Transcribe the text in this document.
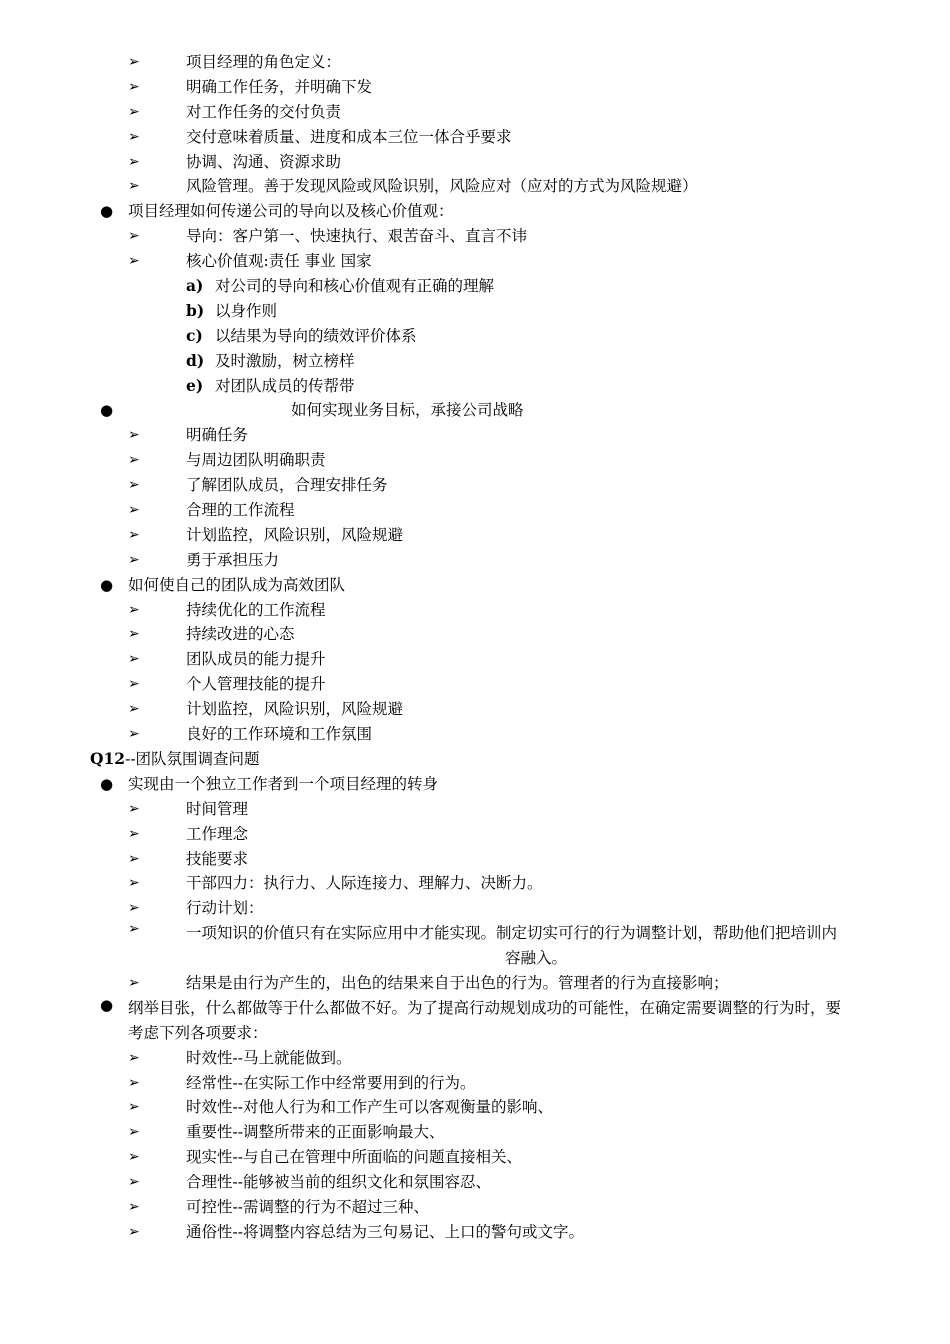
➢	项目经理的角色定义：
➢	明确工作任务，并明确下发
➢	对工作任务的交付负责
➢	交付意味着质量、进度和成本三位一体合乎要求
➢	协调、沟通、资源求助
➢	风险管理。善于发现风险或风险识别，风险应对（应对的方式为风险规避）
● 项目经理如何传递公司的导向以及核心价值观：
➢	导向：客户第一、快速执行、艰苦奋斗、直言不讳
➢	核心价值观:责任 事业 国家
a) 对公司的导向和核心价值观有正确的理解
b) 以身作则
c) 以结果为导向的绩效评价体系
d) 及时激励，树立榜样
e) 对团队成员的传帮带
●	如何实现业务目标，承接公司战略
➢	明确任务
➢	与周边团队明确职责
➢	了解团队成员，合理安排任务
➢	合理的工作流程
➢	计划监控，风险识别，风险规避
➢	勇于承担压力
● 如何使自己的团队成为高效团队
➢	持续优化的工作流程
➢	持续改进的心态
➢	团队成员的能力提升
➢	个人管理技能的提升
➢	计划监控，风险识别，风险规避
➢	良好的工作环境和工作氛围
Q12--团队氛围调查问题
● 实现由一个独立工作者到一个项目经理的转身
➢	时间管理
➢	工作理念
➢	技能要求
➢	干部四力：执行力、人际连接力、理解力、决断力。
➢	行动计划：
➢	一项知识的价值只有在实际应用中才能实现。制定切实可行的行为调整计划，帮助他们把培训内
容融入。
➢	结果是由行为产生的，出色的结果来自于出色的行为。管理者的行为直接影响；
● 纲举目张，什么都做等于什么都做不好。为了提高行动规划成功的可能性，在确定需要调整的行为时，要
考虑下列各项要求：
➢	时效性--马上就能做到。
➢	经常性--在实际工作中经常要用到的行为。
➢	时效性--对他人行为和工作产生可以客观衡量的影响、
➢	重要性--调整所带来的正面影响最大、
➢	现实性--与自己在管理中所面临的问题直接相关、
➢	合理性--能够被当前的组织文化和氛围容忍、
➢	可控性--需调整的行为不超过三种、
➢	通俗性--将调整内容总结为三句易记、上口的警句或文字。
